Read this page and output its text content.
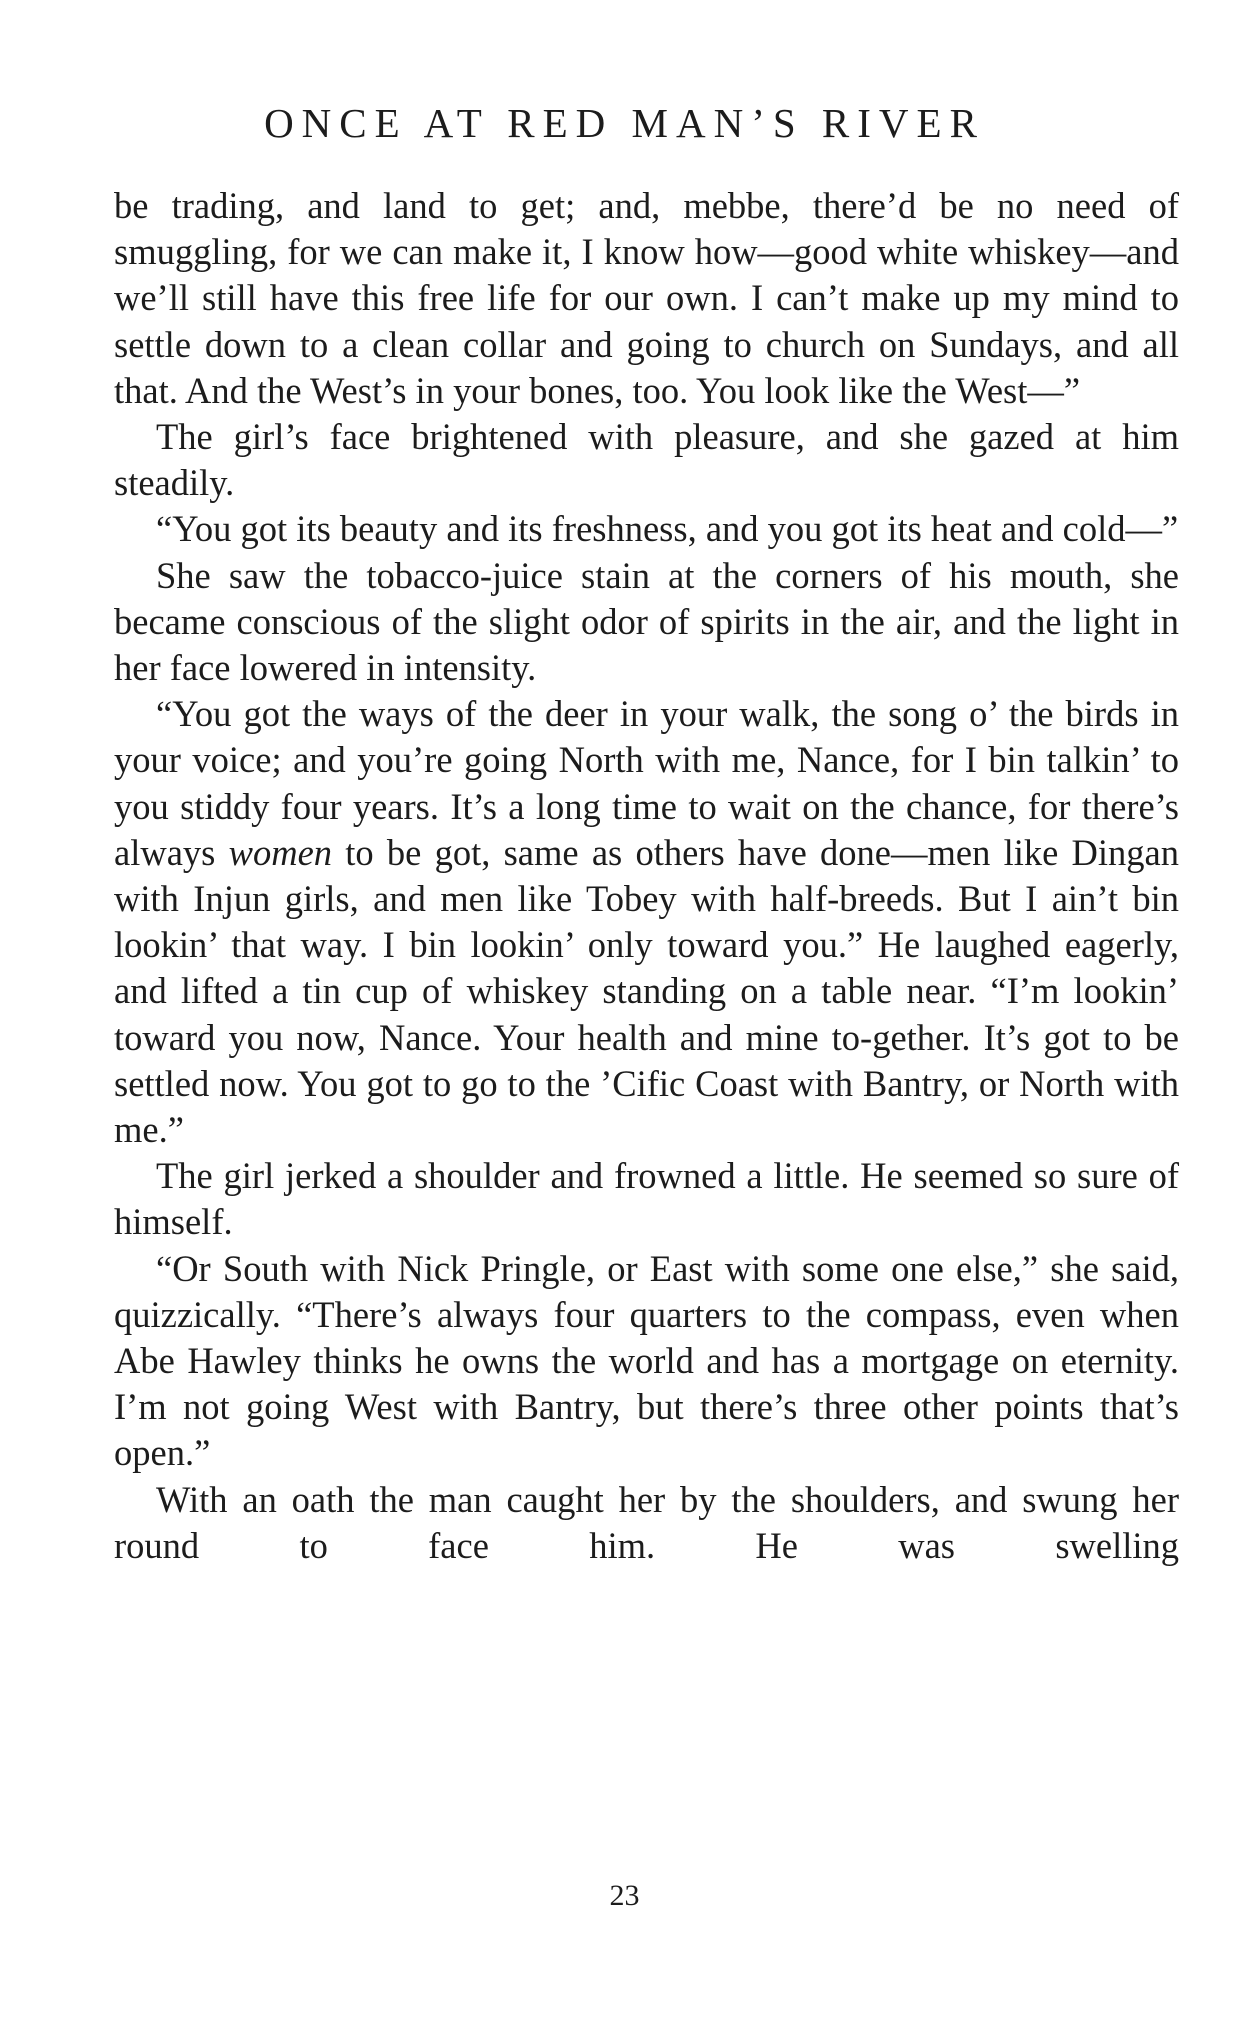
ONCE AT RED MAN’S RIVER

be trading, and land to get; and, mebbe, there’d be no need of smuggling, for we can make it, I know how—good white whiskey—and we’ll still have this free life for our own. I can’t make up my mind to settle down to a clean collar and going to church on Sundays, and all that. And the West’s in your bones, too. You look like the West—”

The girl’s face brightened with pleasure, and she gazed at him steadily.

“You got its beauty and its freshness, and you got its heat and cold—”

She saw the tobacco-juice stain at the corners of his mouth, she became conscious of the slight odor of spirits in the air, and the light in her face lowered in intensity.

“You got the ways of the deer in your walk, the song o’ the birds in your voice; and you’re going North with me, Nance, for I bin talkin’ to you stiddy four years. It’s a long time to wait on the chance, for there’s always women to be got, same as others have done—men like Dingan with Injun girls, and men like Tobey with half-breeds. But I ain’t bin lookin’ that way. I bin lookin’ only toward you.” He laughed eagerly, and lifted a tin cup of whiskey standing on a table near. “I’m lookin’ toward you now, Nance. Your health and mine to-gether. It’s got to be settled now. You got to go to the ’Cific Coast with Bantry, or North with me.”

The girl jerked a shoulder and frowned a little. He seemed so sure of himself.

“Or South with Nick Pringle, or East with some one else,” she said, quizzically. “There’s always four quarters to the compass, even when Abe Hawley thinks he owns the world and has a mortgage on eternity. I’m not going West with Bantry, but there’s three other points that’s open.”

With an oath the man caught her by the shoulders, and swung her round to face him. He was swelling

23
